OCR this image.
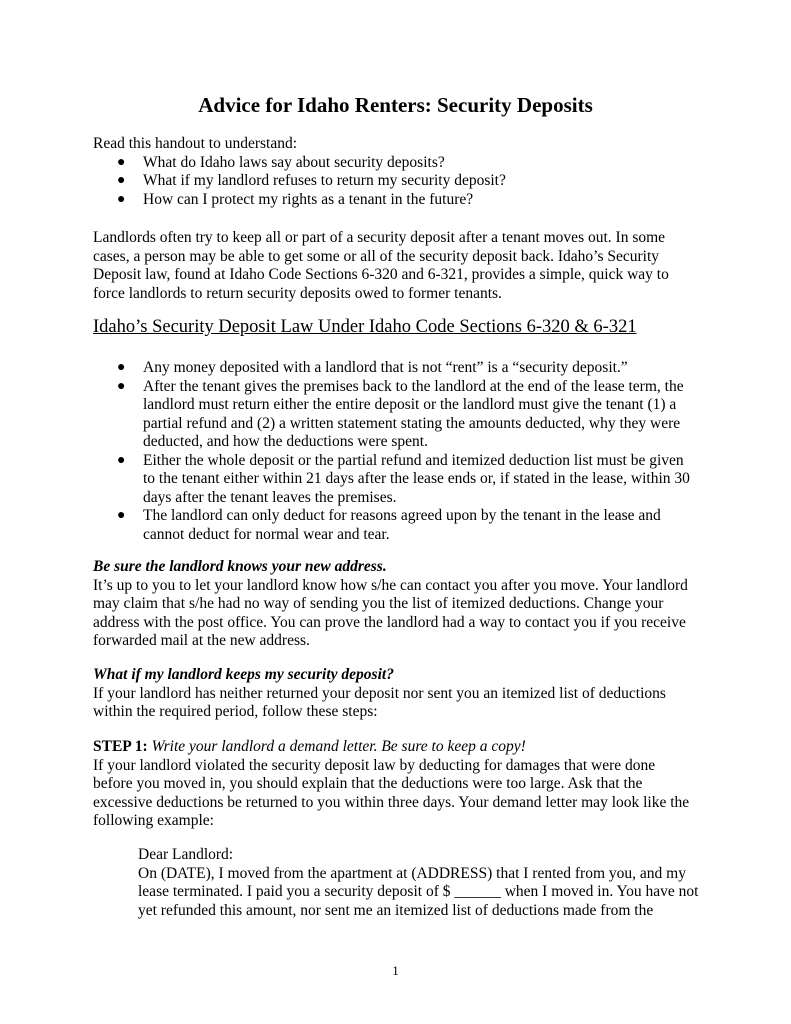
Advice for Idaho Renters: Security Deposits

Read this handout to understand:

● What do Idaho laws say about security deposits?
● What if my landlord refuses to return my security deposit?
● How can I protect my rights as a tenant in the future?

Landlords often try to keep all or part of a security deposit after a tenant moves out. In some cases, a person may be able to get some or all of the security deposit back. Idaho’s Security Deposit law, found at Idaho Code Sections 6-320 and 6-321, provides a simple, quick way to force landlords to return security deposits owed to former tenants.

Idaho’s Security Deposit Law Under Idaho Code Sections 6-320 & 6-321
● Any money deposited with a landlord that is not “rent” is a “security deposit.”
● After the tenant gives the premises back to the landlord at the end of the lease term, the landlord must return either the entire deposit or the landlord must give the tenant (1) a partial refund and (2) a written statement stating the amounts deducted, why they were deducted, and how the deductions were spent.
● Either the whole deposit or the partial refund and itemized deduction list must be given to the tenant either within 21 days after the lease ends or, if stated in the lease, within 30 days after the tenant leaves the premises.
● The landlord can only deduct for reasons agreed upon by the tenant in the lease and cannot deduct for normal wear and tear.

Be sure the landlord knows your new address.

It’s up to you to let your landlord know how s/he can contact you after you move. Your landlord may claim that s/he had no way of sending you the list of itemized deductions. Change your address with the post office. You can prove the landlord had a way to contact you if you receive forwarded mail at the new address.

What if my landlord keeps my security deposit?

If your landlord has neither returned your deposit nor sent you an itemized list of deductions within the required period, follow these steps:

STEP 1: Write your landlord a demand letter. Be sure to keep a copy!

If your landlord violated the security deposit law by deducting for damages that were done before you moved in, you should explain that the deductions were too large. Ask that the excessive deductions be returned to you within three days. Your demand letter may look like the following example:

Dear Landlord:

On (DATE), I moved from the apartment at (ADDRESS) that I rented from you, and my lease terminated. I paid you a security deposit of $ ______ when I moved in. You have not yet refunded this amount, nor sent me an itemized list of deductions made from the

1
